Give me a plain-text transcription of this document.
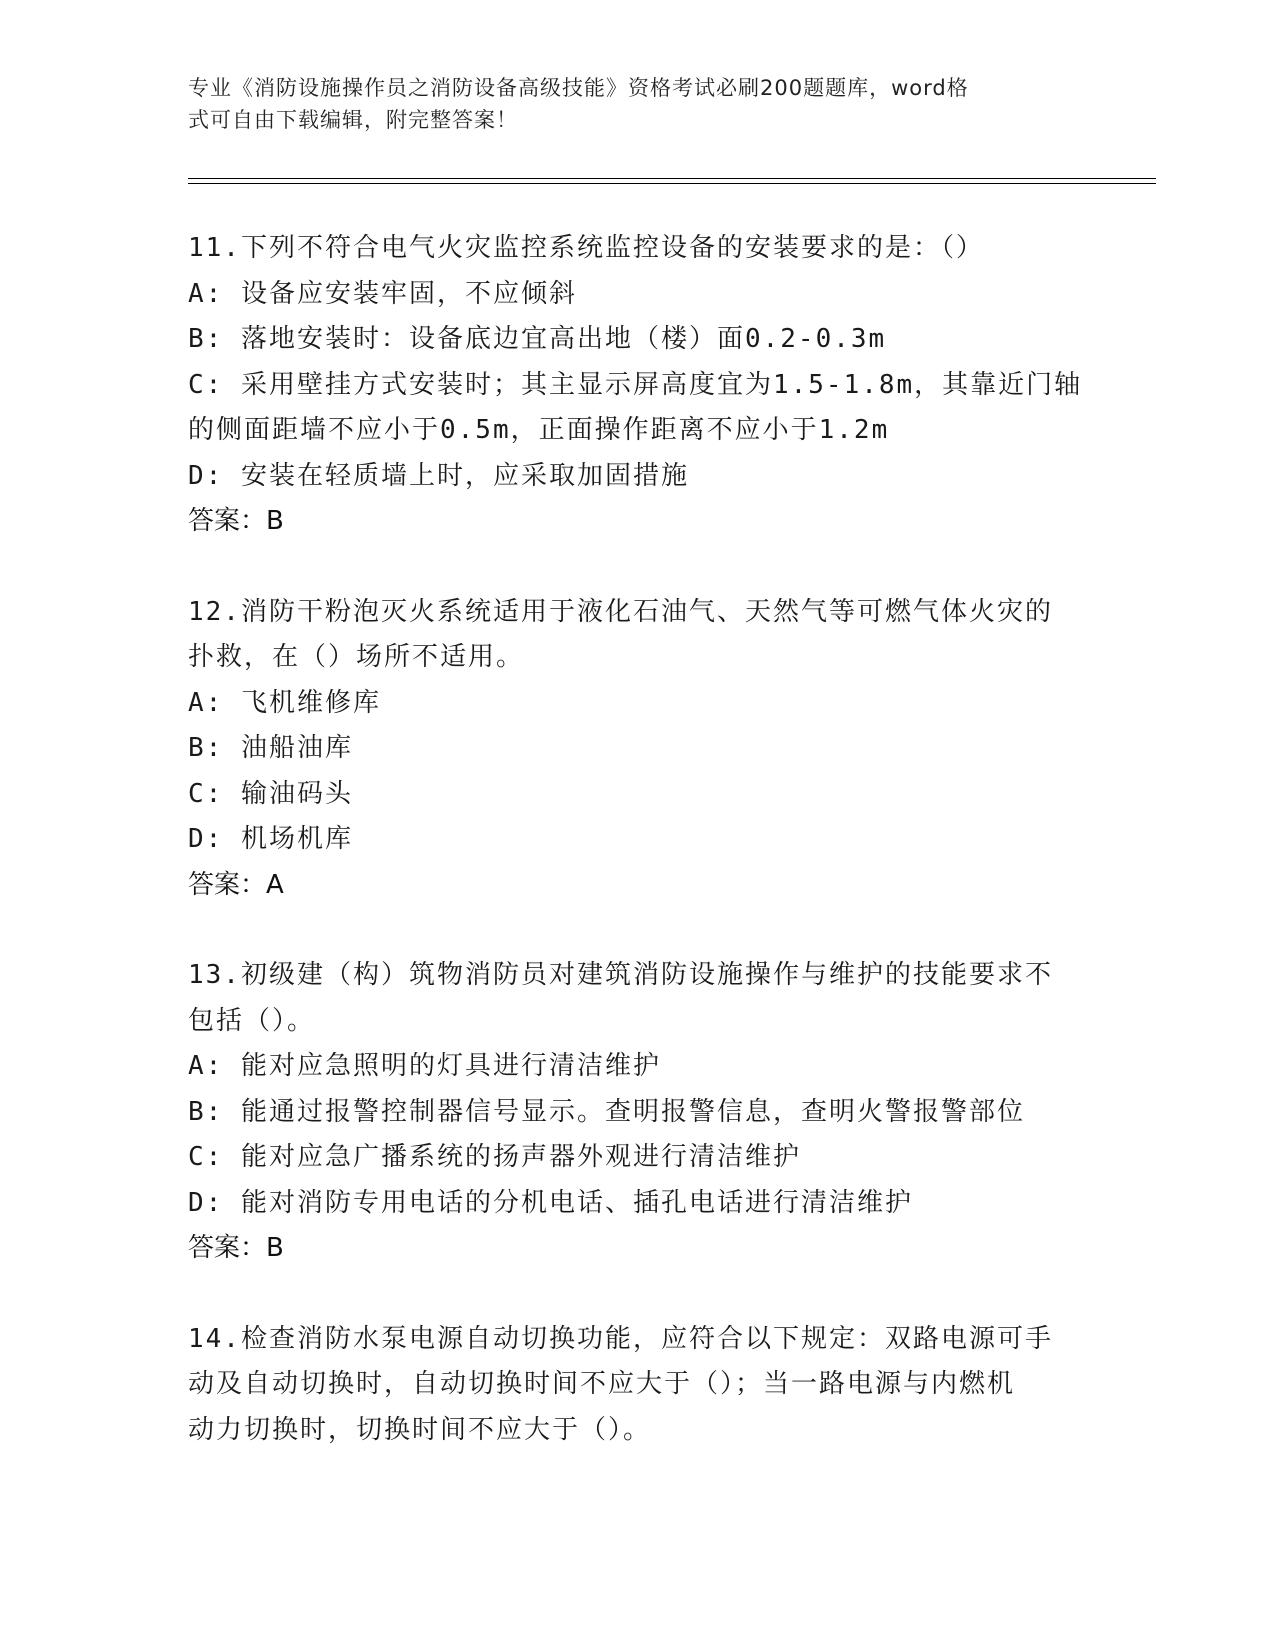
专业《消防设施操作员之消防设备高级技能》资格考试必刷200题题库，word格
式可自由下载编辑，附完整答案！
11.下列不符合电气火灾监控系统监控设备的安装要求的是：（）
A: 设备应安装牢固，不应倾斜
B: 落地安装时：设备底边宜高出地（楼）面0.2-0.3m
C: 采用壁挂方式安装时；其主显示屏高度宜为1.5-1.8m，其靠近门轴
的侧面距墙不应小于0.5m，正面操作距离不应小于1.2m
D: 安装在轻质墙上时，应采取加固措施
答案：B
12.消防干粉泡灭火系统适用于液化石油气、天然气等可燃气体火灾的
扑救，在（）场所不适用。
A: 飞机维修库
B: 油船油库
C: 输油码头
D: 机场机库
答案：A
13.初级建（构）筑物消防员对建筑消防设施操作与维护的技能要求不
包括（）。
A: 能对应急照明的灯具进行清洁维护
B: 能通过报警控制器信号显示。查明报警信息，查明火警报警部位
C: 能对应急广播系统的扬声器外观进行清洁维护
D: 能对消防专用电话的分机电话、插孔电话进行清洁维护
答案：B
14.检查消防水泵电源自动切换功能，应符合以下规定：双路电源可手
动及自动切换时，自动切换时间不应大于（）；当一路电源与内燃机
动力切换时，切换时间不应大于（）。
